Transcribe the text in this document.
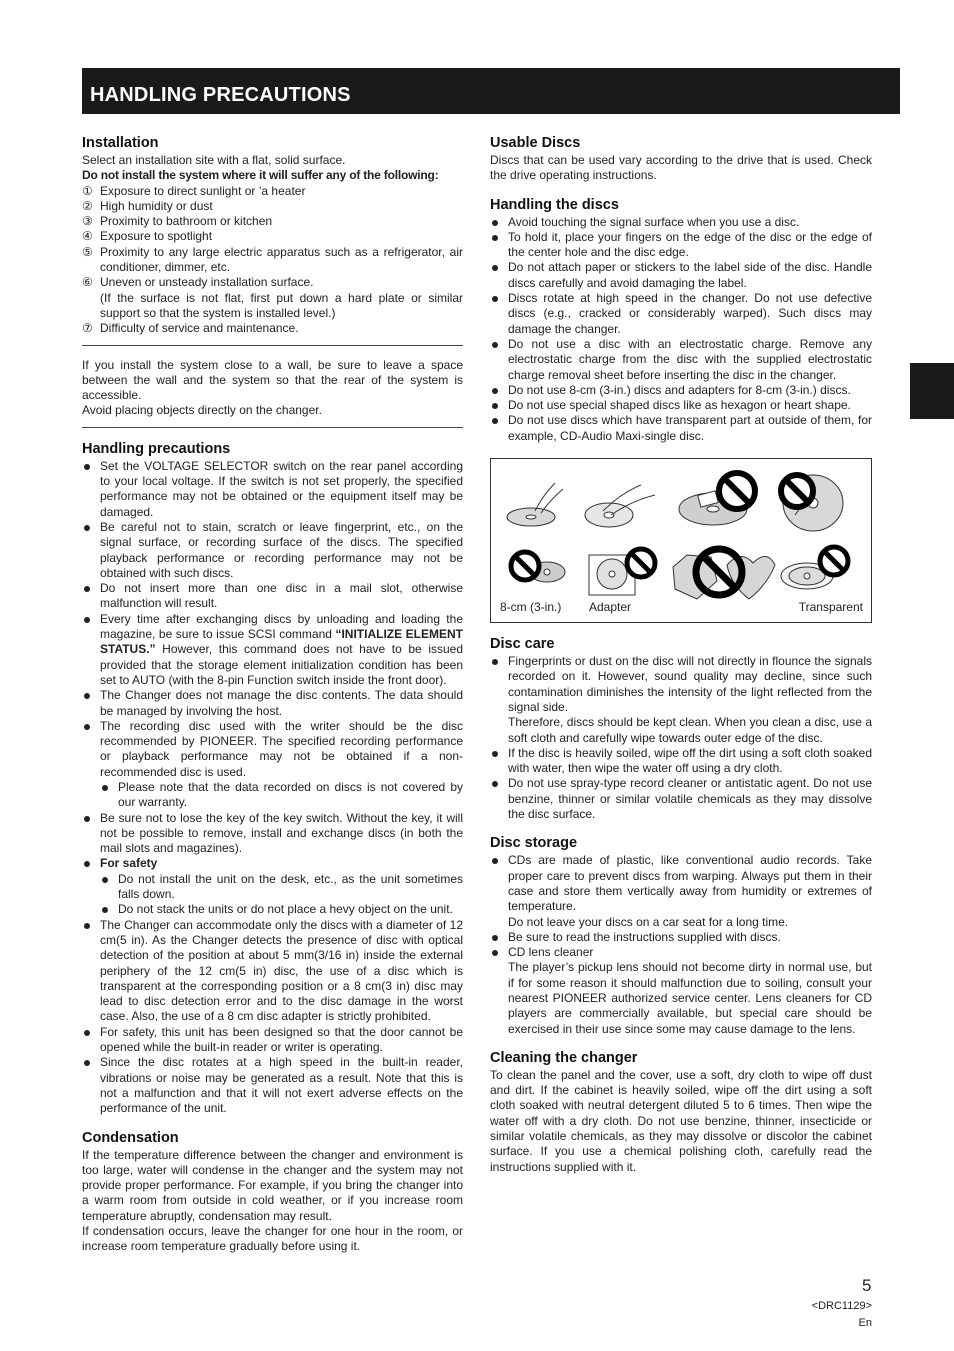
HANDLING PRECAUTIONS
Installation

Select an installation site with a flat, solid surface.

Do not install the system where it will suffer any of the following:

① Exposure to direct sunlight or ’a heater

② High humidity or dust

③ Proximity to bathroom or kitchen

④ Exposure to spotlight

⑤ Proximity to any large electric apparatus such as a refrigerator, air conditioner, dimmer, etc.

⑥ Uneven or unsteady installation surface.

(If the surface is not flat, first put down a hard plate or similar support so that the system is installed level.)

⑦ Difficulty of service and maintenance.

If you install the system close to a wall, be sure to leave a space between the wall and the system so that the rear of the system is accessible.

Avoid placing objects directly on the changer.

Handling precautions
Set the VOLTAGE SELECTOR switch on the rear panel according to your local voltage. If the switch is not set properly, the specified performance may not be obtained or the equipment itself may be damaged.
Be careful not to stain, scratch or leave fingerprint, etc., on the signal surface, or recording surface of the discs. The specified playback performance or recording performance may not be obtained with such discs.
Do not insert more than one disc in a mail slot, otherwise malfunction will result.
Every time after exchanging discs by unloading and loading the magazine, be sure to issue SCSI command “INITIALIZE ELEMENT STATUS.” However, this command does not have to be issued provided that the storage element initialization condition has been set to AUTO (with the 8-pin Function switch inside the front door).
The Changer does not manage the disc contents. The data should be managed by involving the host.
The recording disc used with the writer should be the disc recommended by PIONEER. The specified recording performance or playback performance may not be obtained if a non-recommended disc is used.
Please note that the data recorded on discs is not covered by our warranty.
Be sure not to lose the key of the key switch. Without the key, it will not be possible to remove, install and exchange discs (in both the mail slots and magazines).
For safety
Do not install the unit on the desk, etc., as the unit sometimes falls down.
Do not stack the units or do not place a hevy object on the unit.
The Changer can accommodate only the discs with a diameter of 12 cm(5 in). As the Changer detects the presence of disc with optical detection of the position at about 5 mm(3/16 in) inside the external periphery of the 12 cm(5 in) disc, the use of a disc which is transparent at the corresponding position or a 8 cm(3 in) disc may lead to disc detection error and to the disc damage in the worst case. Also, the use of a 8 cm disc adapter is strictly prohibited.
For safety, this unit has been designed so that the door cannot be opened while the built-in reader or writer is operating.
Since the disc rotates at a high speed in the built-in reader, vibrations or noise may be generated as a result. Note that this is not a malfunction and that it will not exert adverse effects on the performance of the unit.
Condensation

If the temperature difference between the changer and environment is too large, water will condense in the changer and the system may not provide proper performance. For example, if you bring the changer into a warm room from outside in cold weather, or if you increase room temperature abruptly, condensation may result.

If condensation occurs, leave the changer for one hour in the room, or increase room temperature gradually before using it.

Usable Discs

Discs that can be used vary according to the drive that is used. Check the drive operating instructions.

Handling the discs
Avoid touching the signal surface when you use a disc.
To hold it, place your fingers on the edge of the disc or the edge of the center hole and the disc edge.
Do not attach paper or stickers to the label side of the disc. Handle discs carefully and avoid damaging the label.
Discs rotate at high speed in the changer. Do not use defective discs (e.g., cracked or considerably warped). Such discs may damage the changer.
Do not use a disc with an electrostatic charge. Remove any electrostatic charge from the disc with the supplied electrostatic charge removal sheet before inserting the disc in the changer.
Do not use 8-cm (3-in.) discs and adapters for 8-cm (3-in.) discs.
Do not use special shaped discs like as hexagon or heart shape.
Do not use discs which have transparent part at outside of them, for example, CD-Audio Maxi-single disc.
8-cm (3-in.) Adapter	Transparent
Disc care
Fingerprints or dust on the disc will not directly in flounce the signals recorded on it. However, sound quality may decline, since such contamination diminishes the intensity of the light reflected from the signal side.
Therefore, discs should be kept clean. When you clean a disc, use a soft cloth and carefully wipe towards outer edge of the disc.
If the disc is heavily soiled, wipe off the dirt using a soft cloth soaked with water, then wipe the water off using a dry cloth.
Do not use spray-type record cleaner or antistatic agent. Do not use benzine, thinner or similar volatile chemicals as they may dissolve the disc surface.
Disc storage
CDs are made of plastic, like conventional audio records. Take proper care to prevent discs from warping. Always put them in their case and store them vertically away from humidity or extremes of temperature.
Do not leave your discs on a car seat for a long time.
Be sure to read the instructions supplied with discs.
CD lens cleaner
The player’s pickup lens should not become dirty in normal use, but if for some reason it should malfunction due to soiling, consult your nearest PIONEER authorized service center. Lens cleaners for CD players are commercially available, but special care should be exercised in their use since some may cause damage to the lens.
Cleaning the changer

To clean the panel and the cover, use a soft, dry cloth to wipe off dust and dirt. If the cabinet is heavily soiled, wipe off the dirt using a soft cloth soaked with neutral detergent diluted 5 to 6 times. Then wipe the water off with a dry cloth. Do not use benzine, thinner, insecticide or similar volatile chemicals, as they may dissolve or discolor the cabinet surface. If you use a chemical polishing cloth, carefully read the instructions supplied with it.

5
<DRC1129>
En
